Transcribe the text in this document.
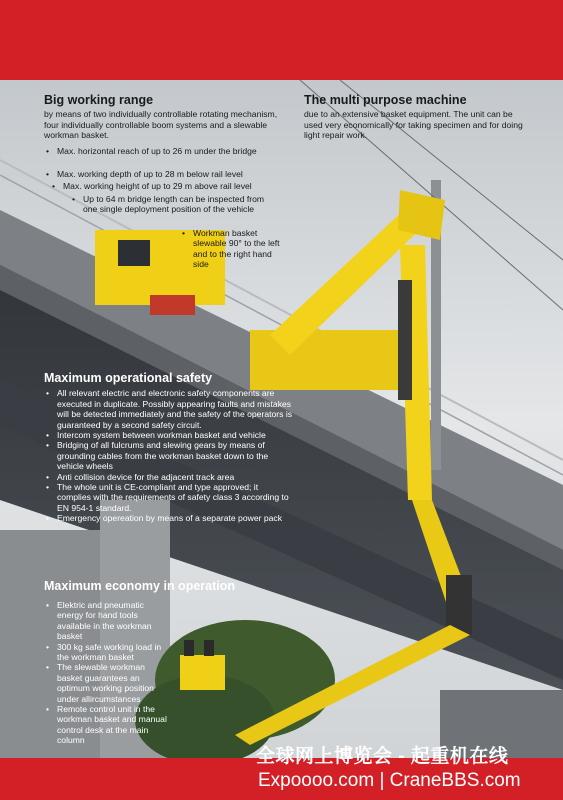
Big working range

by means of two individually controllable rotating mechanism, four individually controllable boom systems and a slewable workman basket.

• Max. horizontal reach of up to 26 m under the bridge
• Max. working depth of up to 28 m below rail level
• Max. working height of up to 29 m above rail level
• Up to 64 m bridge length can be inspected from one single deployment position of the vehicle
• Workman basket slewable 90° to the left and to the right hand side
The multi purpose machine

due to an extensive basket equipment. The unit can be used very economically for taking specimen and for doing light repair work.

Maximum operational safety
• All relevant electric and electronic safety components are executed in duplicate. Possibly appearing faults and mistakes will be detected immediately and the safety of the operators is guaranteed by a second safety circuit.
• Intercom system between workman basket and vehicle
• Bridging of all fulcrums and slewing gears by means of grounding cables from the workman basket down to the vehicle wheels
• Anti collision device for the adjacent track area
• The whole unit is CE-compliant and type approved; it complies with the requirements of safety class 3 according to EN 954-1 standard.
• Emergency opereation by means of a separate power pack
Maximum economy in operation
• Elektric and pneumatic energy for hand tools available in the workman basket
• 300 kg safe working load in the workman basket
• The slewable workman basket guarantees an optimum working position under allircumstances
• Remote control unit in the workman basket and manual control desk at the main column
全球网上博览会 - 起重机在线
Expoooo.com | CraneBBS.com
